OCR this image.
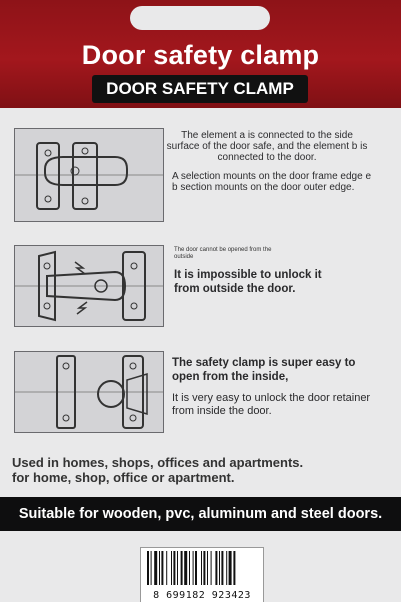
Door safety clamp
DOOR SAFETY CLAMP
The element a is connected to the side surface of the door safe, and the element b is connected to the door.
A selection mounts on the door frame edge e b section mounts on the door outer edge.
The door cannot be opened from the outside
It is impossible to unlock it from outside the door.
The safety clamp is super easy to open from the inside,
It is very easy to unlock the door retainer from inside the door.
Used in homes, shops, offices and apartments.
for home, shop, office or apartment.
Suitable for wooden, pvc, aluminum and steel doors.
8 699182 923423
